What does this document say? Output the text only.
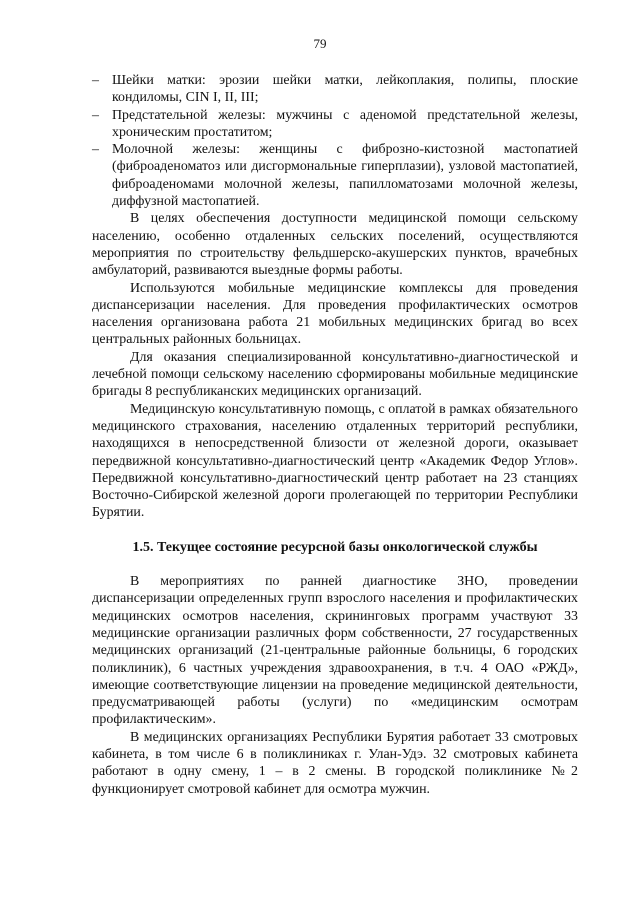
79
– Шейки матки: эрозии шейки матки, лейкоплакия, полипы, плоские кондиломы, CIN I, II, III;
– Предстательной железы: мужчины с аденомой предстательной железы, хроническим простатитом;
– Молочной железы: женщины с фиброзно-кистозной мастопатией (фиброаденоматоз или дисгормональные гиперплазии), узловой мастопатией, фиброаденомами молочной железы, папилломатозами молочной железы, диффузной мастопатией.

В целях обеспечения доступности медицинской помощи сельскому населению, особенно отдаленных сельских поселений, осуществляются мероприятия по строительству фельдшерско-акушерских пунктов, врачебных амбулаторий, развиваются выездные формы работы.

Используются мобильные медицинские комплексы для проведения диспансеризации населения. Для проведения профилактических осмотров населения организована работа 21 мобильных медицинских бригад во всех центральных районных больницах.

Для оказания специализированной консультативно-диагностической и лечебной помощи сельскому населению сформированы мобильные медицинские бригады 8 республиканских медицинских организаций.

Медицинскую консультативную помощь, с оплатой в рамках обязательного медицинского страхования, населению отдаленных территорий республики, находящихся в непосредственной близости от железной дороги, оказывает передвижной консультативно-диагностический центр «Академик Федор Углов». Передвижной консультативно-диагностический центр работает на 23 станциях Восточно-Сибирской железной дороги пролегающей по территории Республики Бурятии.

1.5. Текущее состояние ресурсной базы онкологической службы

В мероприятиях по ранней диагностике ЗНО, проведении диспансеризации определенных групп взрослого населения и профилактических медицинских осмотров населения, скрининговых программ участвуют 33 медицинские организации различных форм собственности, 27 государственных медицинских организаций (21-центральные районные больницы, 6 городских поликлиник), 6 частных учреждения здравоохранения, в т.ч. 4 ОАО «РЖД», имеющие соответствующие лицензии на проведение медицинской деятельности, предусматривающей работы (услуги) по «медицинским осмотрам профилактическим».

В медицинских организациях Республики Бурятия работает 33 смотровых кабинета, в том числе 6 в поликлиниках г. Улан-Удэ. 32 смотровых кабинета работают в одну смену, 1 – в 2 смены. В городской поликлинике №2 функционирует смотровой кабинет для осмотра мужчин.
